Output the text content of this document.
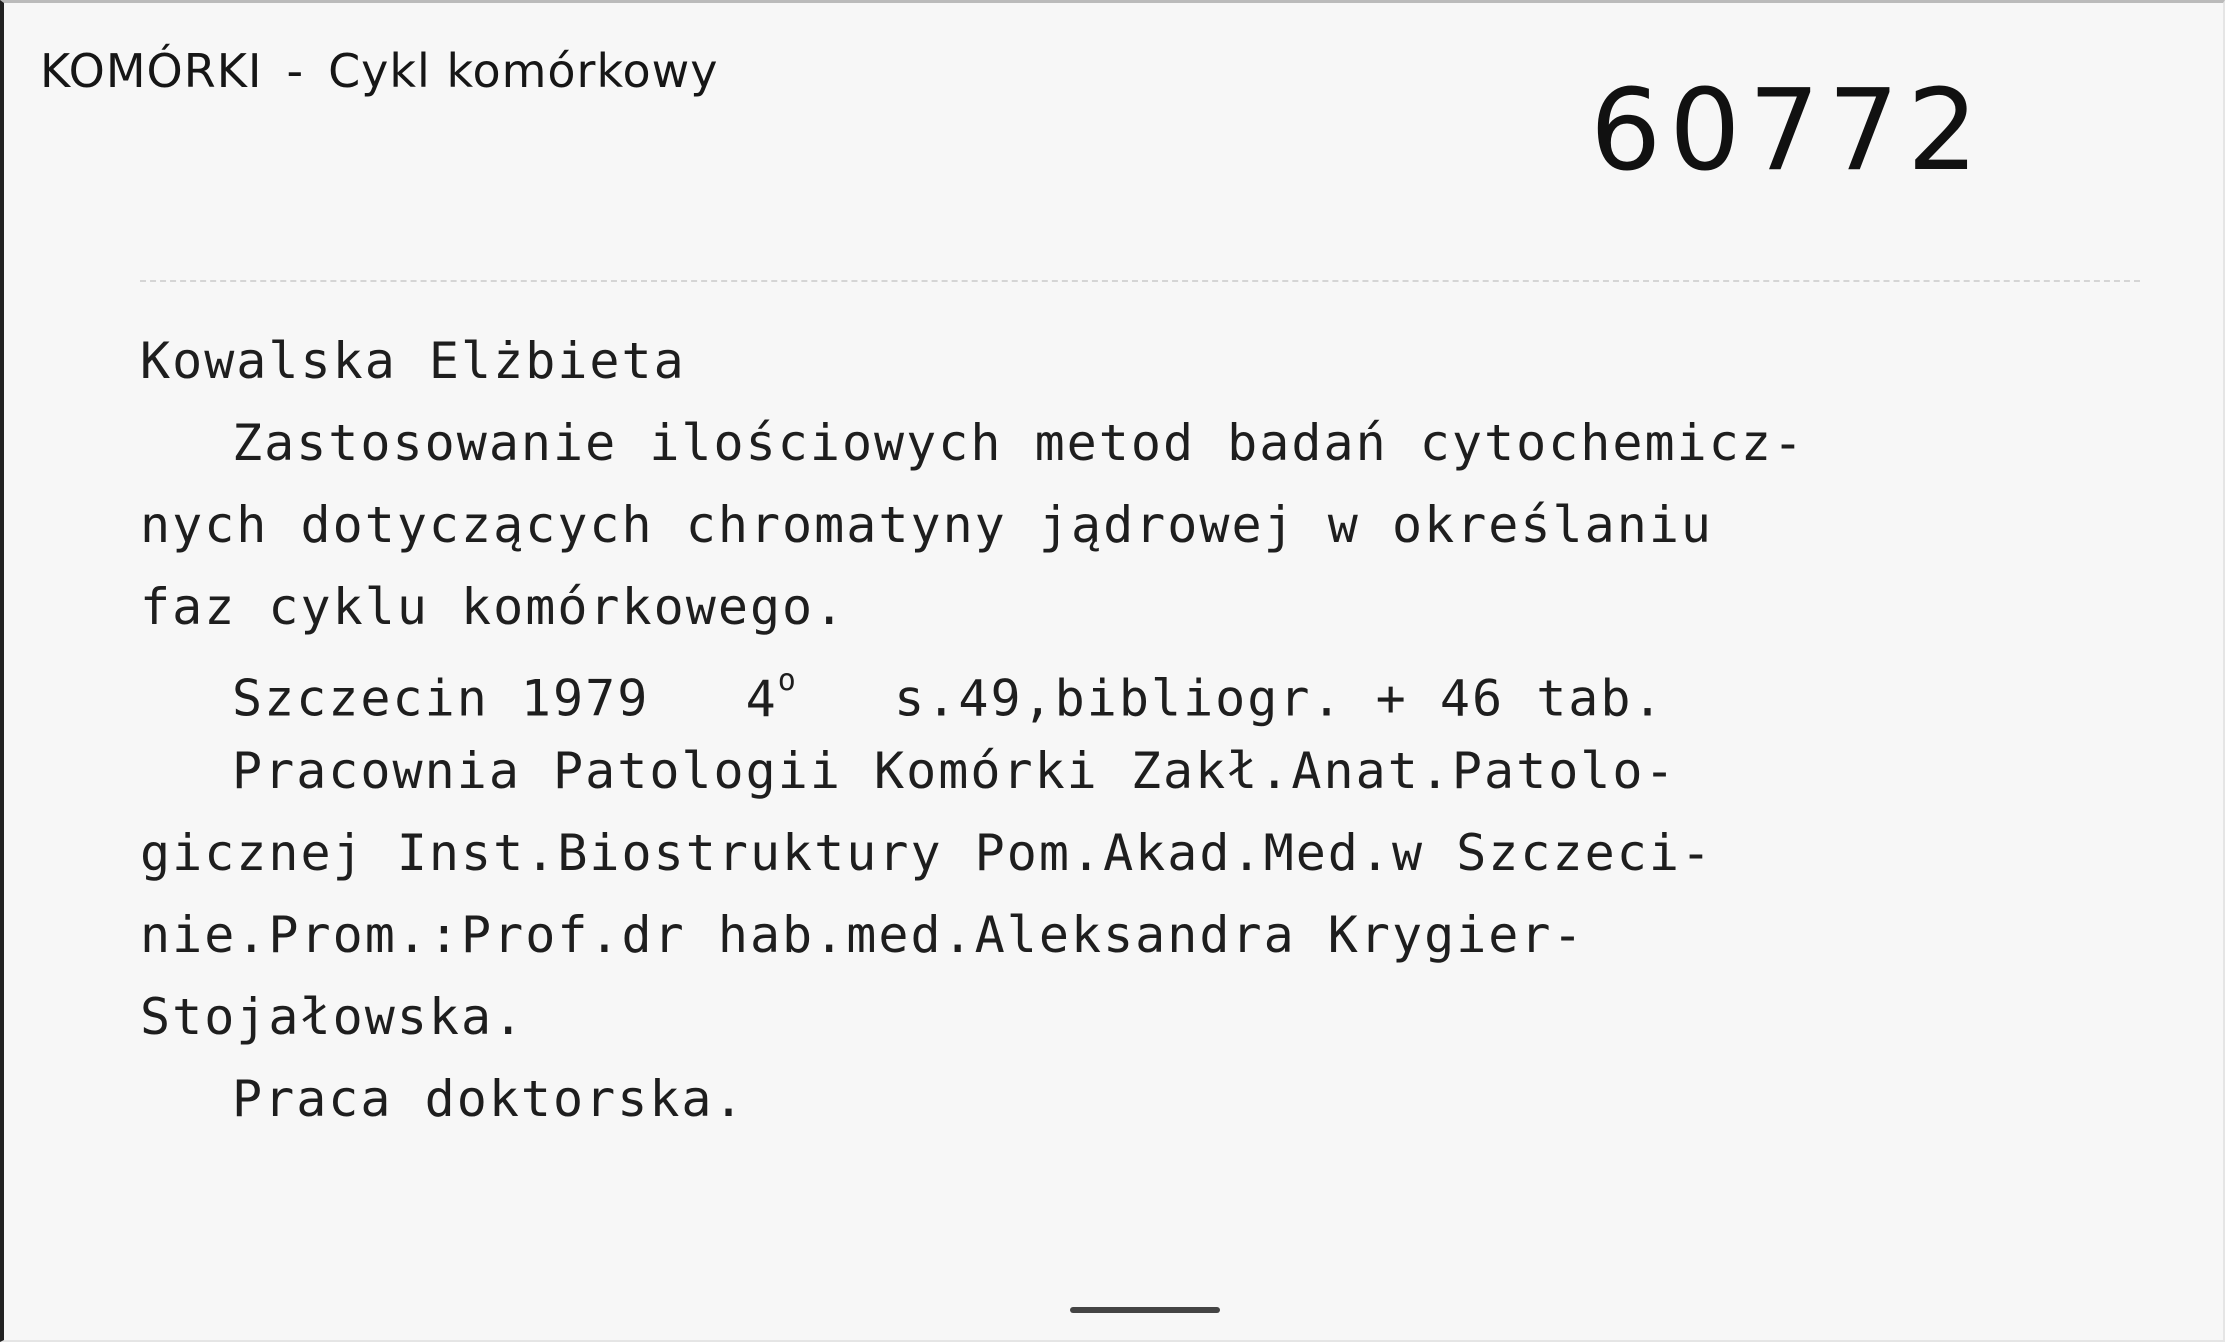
KOMÓRKI - Cykl komórkowy	60772
Kowalska Elżbieta
Zastosowanie ilościowych metod badań cytochemicz-
nych dotyczących chromatyny jądrowej w określaniu
faz cyklu komórkowego.
Szczecin 1979 4$^o$ s.49,bibliogr. + 46 tab.
Pracownia Patologii Komórki Zakł.Anat.Patolo-
gicznej Inst.Biostruktury Pom.Akad.Med.w Szczeci-
nie.Prom.:Prof.dr hab.med.Aleksandra Krygier-
Stojałowska.
Praca doktorska.
